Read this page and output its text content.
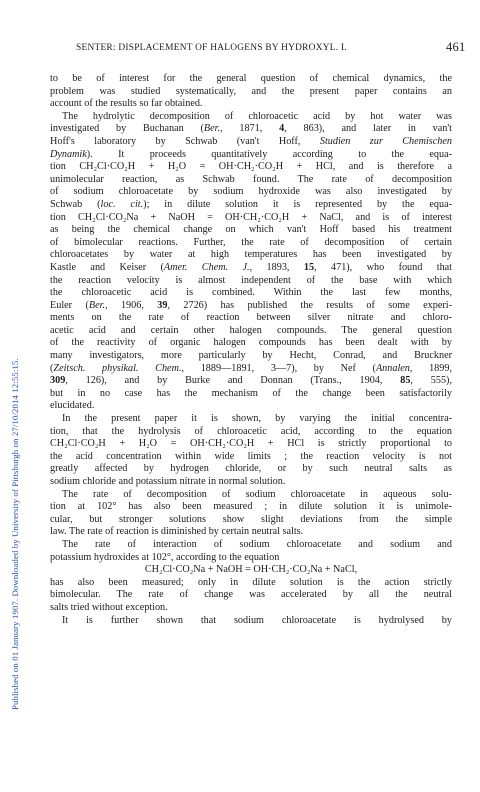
SENTER: DISPLACEMENT OF HALOGENS BY HYDROXYL. I.	461
Published on 01 January 1907. Downloaded by University of Pittsburgh on 27/10/2014 12:55:15.
to be of interest for the general question of chemical dynamics, the
problem was studied systematically, and the present paper contains an
account of the results so far obtained.
The hydrolytic decomposition of chloroacetic acid by hot water was
investigated by Buchanan (Ber., 1871, 4, 863), and later in van't
Hoff's laboratory by Schwab (van't Hoff, Studien zur Chemischen
Dynamik). It proceeds quantitatively according to the equa-
tion CH₂Cl·CO₂H + H₂O = OH·CH₂·CO₂H + HCl, and is therefore a
unimolecular reaction, as Schwab found. The rate of decomposition
of sodium chloroacetate by sodium hydroxide was also investigated by
Schwab (loc. cit.); in dilute solution it is represented by the equa-
tion CH₂Cl·CO₂Na + NaOH = OH·CH₂·CO₂H + NaCl, and is of interest
as being the chemical change on which van't Hoff based his treatment
of bimolecular reactions. Further, the rate of decomposition of certain
chloroacetates by water at high temperatures has been investigated by
Kastle and Keiser (Amer. Chem. J., 1893, 15, 471), who found that
the reaction velocity is almost independent of the base with which
the chloroacetic acid is combined. Within the last few months,
Euler (Ber., 1906, 39, 2726) has published the results of some experi-
ments on the rate of reaction between silver nitrate and chloro-
acetic acid and certain other halogen compounds. The general question
of the reactivity of organic halogen compounds has been dealt with by
many investigators, more particularly by Hecht, Conrad, and Bruckner
(Zeitsch. physikal. Chem., 1889—1891, 3—7), by Nef (Annalen, 1899,
309, 126), and by Burke and Donnan (Trans., 1904, 85, 555),
but in no case has the mechanism of the change been satisfactorily
elucidated.
In the present paper it is shown, by varying the initial concentra-
tion, that the hydrolysis of chloroacetic acid, according to the equation
CH₂Cl·CO₂H + H₂O = OH·CH₂·CO₂H + HCl is strictly proportional to
the acid concentration within wide limits ; the reaction velocity is not
greatly affected by hydrogen chloride, or by such neutral salts as
sodium chloride and potassium nitrate in normal solution.
The rate of decomposition of sodium chloroacetate in aqueous solu-
tion at 102° has also been measured ; in dilute solution it is unimole-
cular, but stronger solutions show slight deviations from the simple
law. The rate of reaction is diminished by certain neutral salts.
The rate of interaction of sodium chloroacetate and sodium and
potassium hydroxides at 102°, according to the equation
CH₂Cl·CO₂Na + NaOH = OH·CH₂·CO₂Na + NaCl,
has also been measured; only in dilute solution is the action strictly
bimolecular. The rate of change was accelerated by all the neutral
salts tried without exception.
It is further shown that sodium chloroacetate is hydrolysed by
